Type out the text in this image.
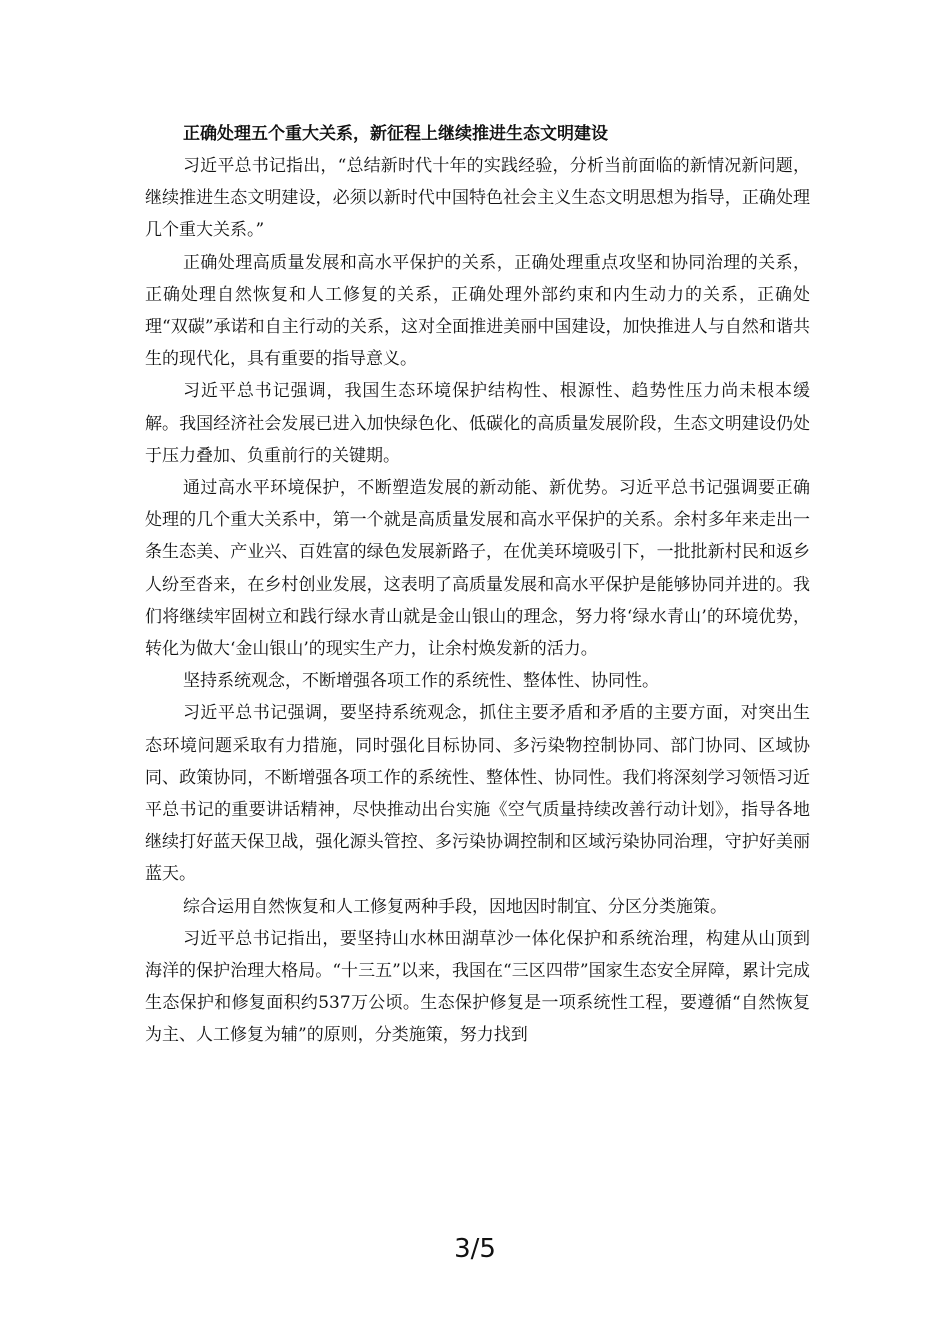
正确处理五个重大关系，新征程上继续推进生态文明建设

习近平总书记指出，“总结新时代十年的实践经验，分析当前面临的新情况新问题，继续推进生态文明建设，必须以新时代中国特色社会主义生态文明思想为指导，正确处理几个重大关系。”

正确处理高质量发展和高水平保护的关系，正确处理重点攻坚和协同治理的关系，正确处理自然恢复和人工修复的关系，正确处理外部约束和内生动力的关系，正确处理“双碳”承诺和自主行动的关系，这对全面推进美丽中国建设，加快推进人与自然和谐共生的现代化，具有重要的指导意义。

习近平总书记强调，我国生态环境保护结构性、根源性、趋势性压力尚未根本缓解。我国经济社会发展已进入加快绿色化、低碳化的高质量发展阶段，生态文明建设仍处于压力叠加、负重前行的关键期。

通过高水平环境保护，不断塑造发展的新动能、新优势。习近平总书记强调要正确处理的几个重大关系中，第一个就是高质量发展和高水平保护的关系。余村多年来走出一条生态美、产业兴、百姓富的绿色发展新路子，在优美环境吸引下，一批批新村民和返乡人纷至沓来，在乡村创业发展，这表明了高质量发展和高水平保护是能够协同并进的。我们将继续牢固树立和践行绿水青山就是金山银山的理念，努力将‘绿水青山’的环境优势，转化为做大‘金山银山’的现实生产力，让余村焕发新的活力。

坚持系统观念，不断增强各项工作的系统性、整体性、协同性。

习近平总书记强调，要坚持系统观念，抓住主要矛盾和矛盾的主要方面，对突出生态环境问题采取有力措施，同时强化目标协同、多污染物控制协同、部门协同、区域协同、政策协同，不断增强各项工作的系统性、整体性、协同性。我们将深刻学习领悟习近平总书记的重要讲话精神，尽快推动出台实施《空气质量持续改善行动计划》，指导各地继续打好蓝天保卫战，强化源头管控、多污染协调控制和区域污染协同治理，守护好美丽蓝天。

综合运用自然恢复和人工修复两种手段，因地因时制宜、分区分类施策。

习近平总书记指出，要坚持山水林田湖草沙一体化保护和系统治理，构建从山顶到海洋的保护治理大格局。“十三五”以来，我国在“三区四带”国家生态安全屏障，累计完成生态保护和修复面积约537万公顷。生态保护修复是一项系统性工程，要遵循“自然恢复为主、人工修复为辅”的原则，分类施策，努力找到

3/5
